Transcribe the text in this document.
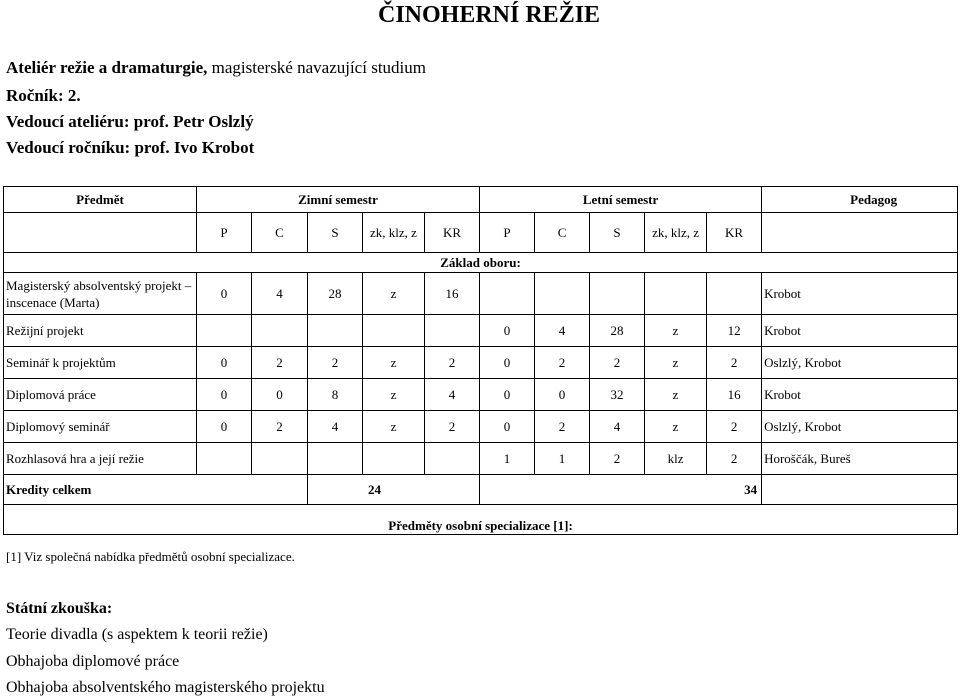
ČINOHERNÍ REŽIE
Ateliér režie a dramaturgie, magisterské navazující studium
Ročník: 2.
Vedoucí ateliéru: prof. Petr Oslzlý
Vedoucí ročníku: prof. Ivo Krobot
Předmět	Zimní semestr					Letní semestr					Pedagog
	P	C	S	zk, klz, z	KR	P	C	S	zk, klz, z	KR	
Základ oboru:											
Magisterský absolventský projekt – inscenace (Marta)	0	4	28	z	16						Krobot
Režijní projekt						0	4	28	z	12	Krobot
Seminář k projektům	0	2	2	z	2	0	2	2	z	2	Oslzlý, Krobot
Diplomová práce	0	0	8	z	4	0	0	32	z	16	Krobot
Diplomový seminář	0	2	4	z	2	0	2	4	z	2	Oslzlý, Krobot
Rozhlasová hra a její režie						1	1	2	klz	2	Horoščák, Bureš
Kredity celkem			24			34					
Předměty osobní specializace [1]:											
[1] Viz společná nabídka předmětů osobní specializace.
Státní zkouška:
Teorie divadla (s aspektem k teorii režie)
Obhajoba diplomové práce
Obhajoba absolventského magisterského projektu
